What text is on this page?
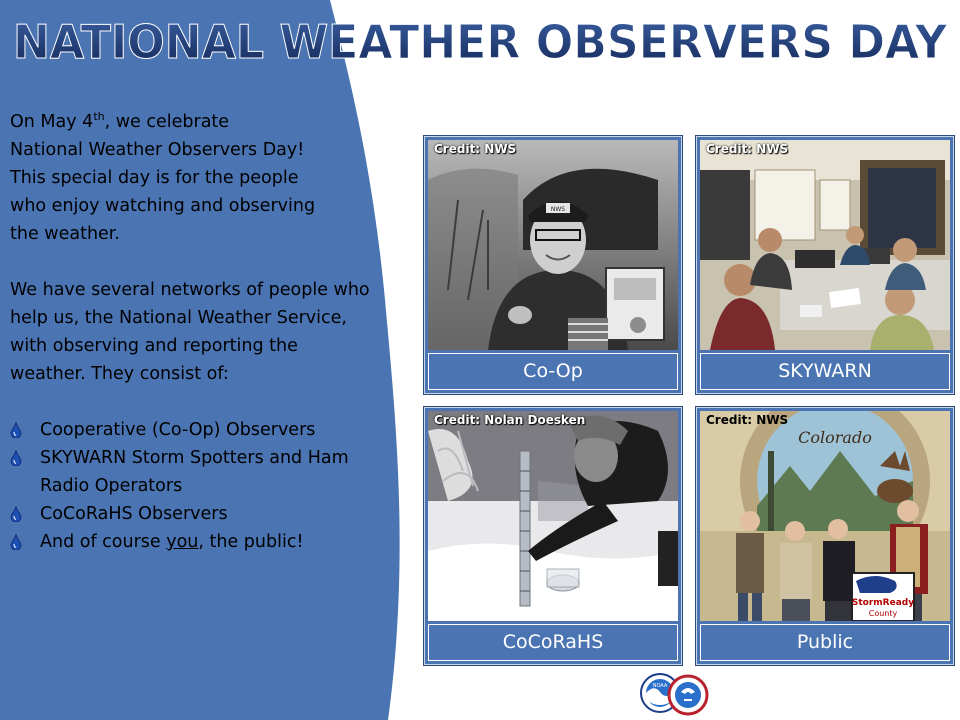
NATIONAL WEATHER OBSERVERS DAY

On May 4th, we celebrate
National Weather Observers Day! This special day is for the people who enjoy watching and observing the weather.

We have several networks of people who help us, the National Weather Service, with observing and reporting the weather. They consist of:

Cooperative (Co-Op) Observers
SKYWARN Storm Spotters and Ham Radio Operators
CoCoRaHS Observers
And of course you, the public!
NWS
Credit: NWS
Co-Op
Credit: NWS
SKYWARN
Credit: Nolan Doesken
CoCoRaHS
Colorado
StormReady
County
Credit: NWS
Public
NOAA
